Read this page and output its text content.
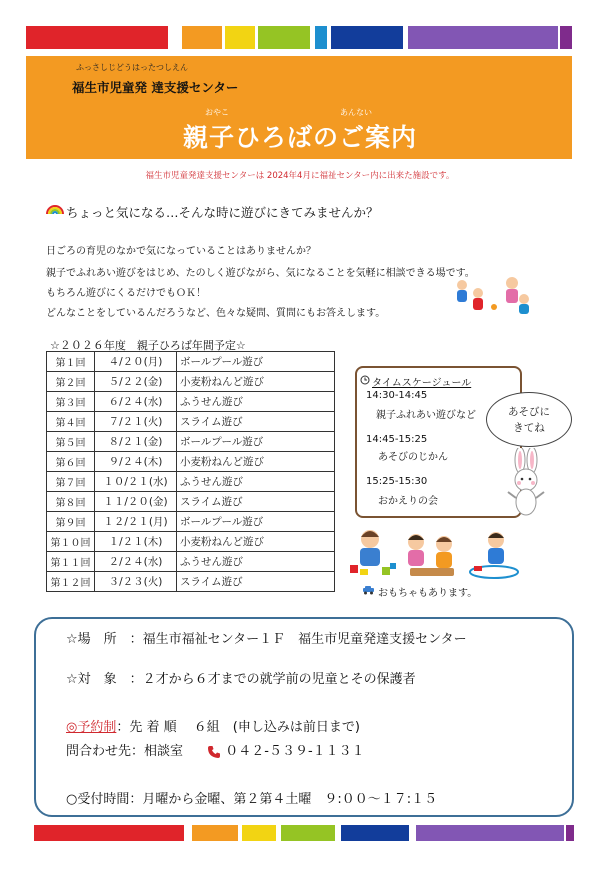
ふっさしじどうはったつしえん
福生市児童発 達支援センター
おやこ	あんない
親子ひろばのご案内
福生市児童発達支援センターは 2024年4月に福祉センター内に出来た施設です。
ちょっと気になる…そんな時に遊びにきてみませんか？
日ごろの育児のなかで気になっていることはありませんか？
親子でふれあい遊びをはじめ、たのしく遊びながら、気になることを気軽に相談できる場です。
もちろん遊びにくるだけでもＯＫ！
どんなことをしているんだろうなど、色々な疑問、質問にもお答えします。
☆２０２６年度　親子ひろば年間予定☆
第１回	４/２０(月)	ボールプール遊び
第２回	５/２２(金)	小麦粉ねんど遊び
第３回	６/２４(水)	ふうせん遊び
第４回	７/２１(火)	スライム遊び
第５回	８/２１(金)	ボールプール遊び
第６回	９/２４(木)	小麦粉ねんど遊び
第７回	１０/２１(水)	ふうせん遊び
第８回	１１/２０(金)	スライム遊び
第９回	１２/２１(月)	ボールプール遊び
第１０回	１/２１(木)	小麦粉ねんど遊び
第１１回	２/２４(水)	ふうせん遊び
第１２回	３/２３(火)	スライム遊び
タイムスケージュール
14:30-14:45
親子ふれあい遊びなど
14:45-15:25
あそびのじかん
15:25-15:30
おかえりの会
あそびに
きてね
おもちゃもあります。
☆場　所　：福生市福祉センター１Ｆ　福生市児童発達支援センター
☆対　象　：２才から６才までの就学前の児童とその保護者
◎予約制：先 着 順　 ６組　(申し込みは前日まで)
問合わせ先：相談室	０４２-５３９-１１３１
○受付時間：月曜から金曜、第２第４土曜　９:００～１７:１５
